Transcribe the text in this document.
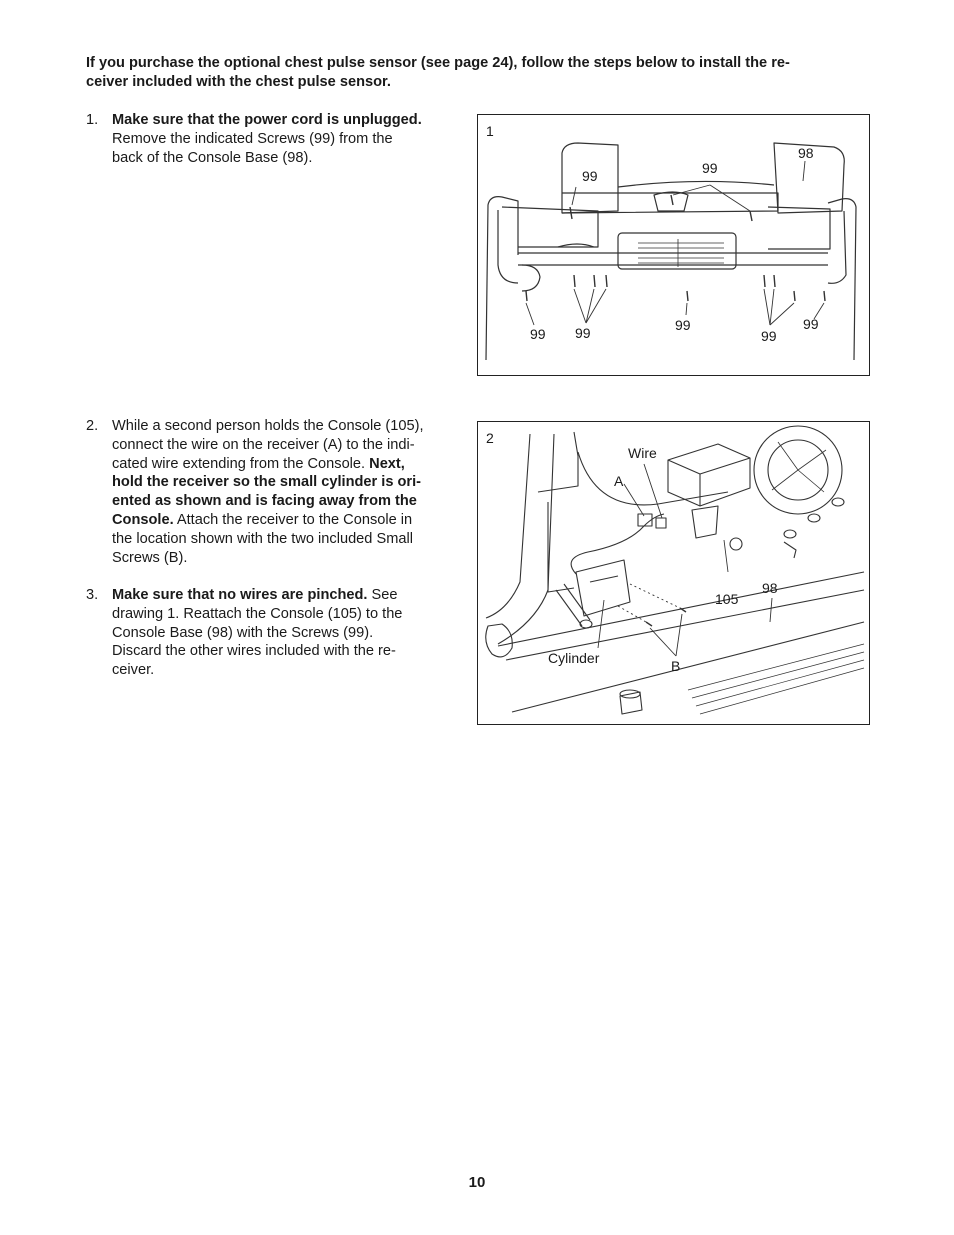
If you purchase the optional chest pulse sensor (see page 24), follow the steps below to install the re-
ceiver included with the chest pulse sensor.
1. Make sure that the power cord is unplugged.
Remove the indicated Screws (99) from the
back of the Console Base (98).
2. While a second person holds the Console (105),
connect the wire on the receiver (A) to the indi-
cated wire extending from the Console. Next,
hold the receiver so the small cylinder is ori-
ented as shown and is facing away from the
Console. Attach the receiver to the Console in
the location shown with the two included Small
Screws (B).
3. Make sure that no wires are pinched. See
drawing 1. Reattach the Console (105) to the
Console Base (98) with the Screws (99).
Discard the other wires included with the re-
ceiver.
1
98
99	99
99 99	99
99
99
2
Wire
A
105
98
Cylinder	B
10
